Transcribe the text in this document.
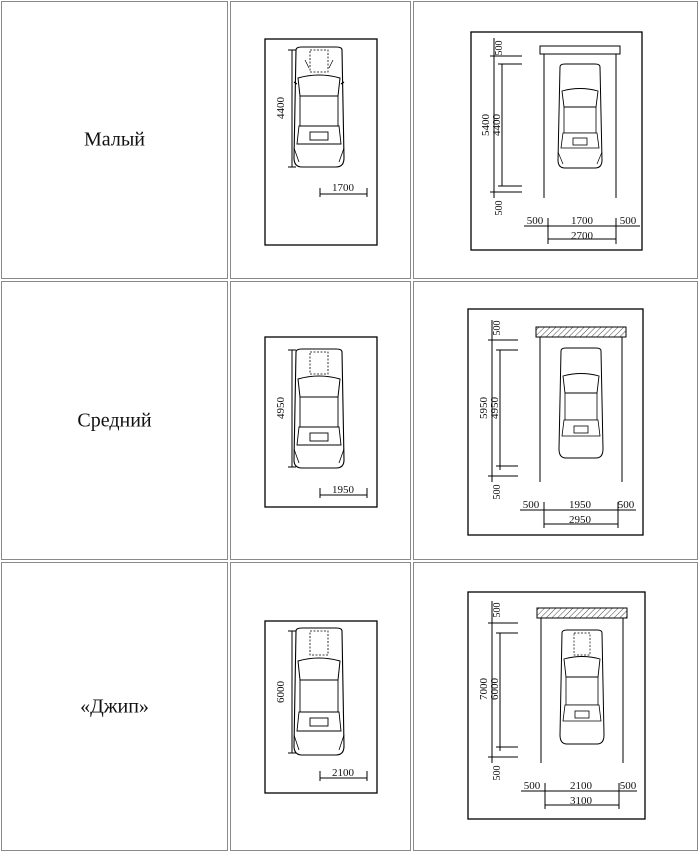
Малый
4400
1700
500
5400 4400
500
500	1700 500
2700
Средний
4950
1950
500
5950 4950
500
500	1950 500
2950
«Джип»
6000
2100
500
7000 6000
500
500	2100	500
3100
